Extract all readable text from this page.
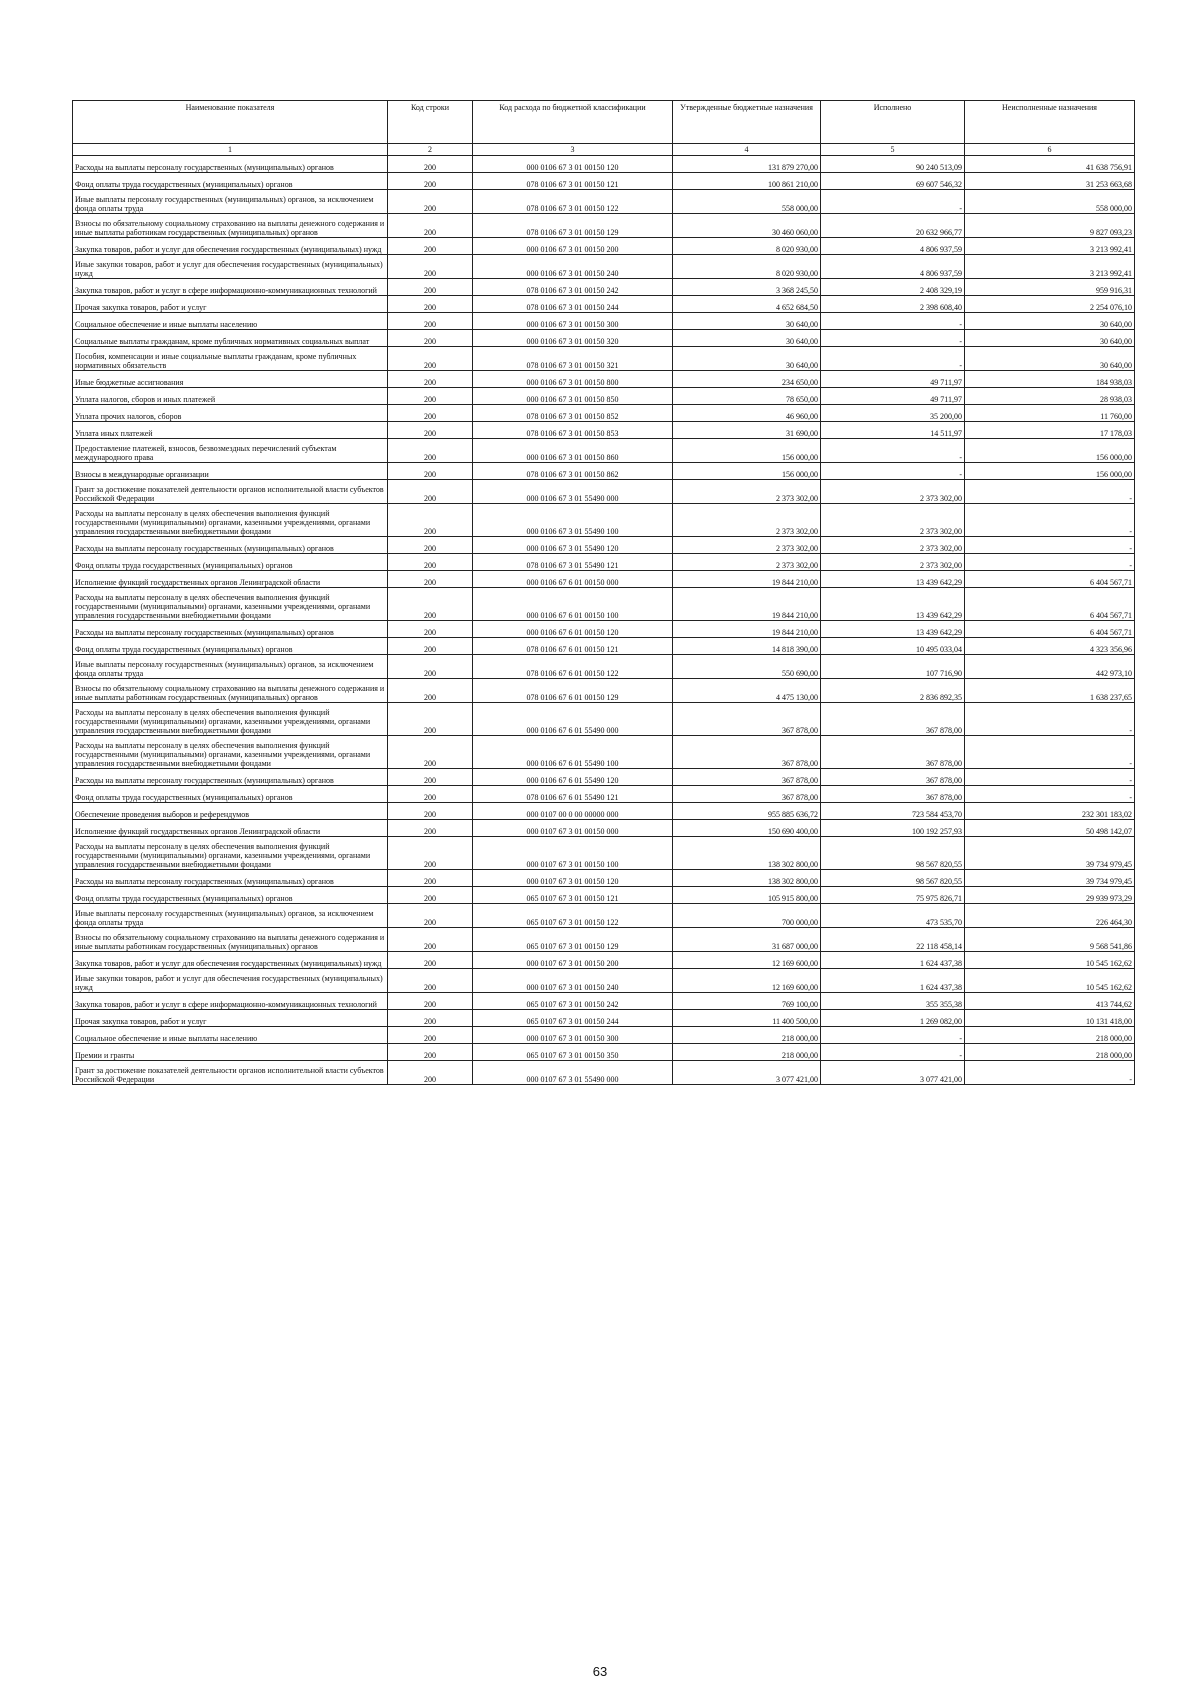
Наименование показателя	Код строки	Код расхода по бюджетной классификации	Утвержденные бюджетные назначения	Исполнено	Неисполненные назначения
1	2	3	4	5	6
Расходы на выплаты персоналу государственных (муниципальных) органов	200	000 0106 67 3 01 00150 120	131 879 270,00	90 240 513,09	41 638 756,91
Фонд оплаты труда государственных (муниципальных) органов	200	078 0106 67 3 01 00150 121	100 861 210,00	69 607 546,32	31 253 663,68
Иные выплаты персоналу государственных (муниципальных) органов, за исключением фонда оплаты труда	200	078 0106 67 3 01 00150 122	558 000,00	-	558 000,00
Взносы по обязательному социальному страхованию на выплаты денежного содержания и иные выплаты работникам государственных (муниципальных) органов	200	078 0106 67 3 01 00150 129	30 460 060,00	20 632 966,77	9 827 093,23
Закупка товаров, работ и услуг для обеспечения государственных (муниципальных) нужд	200	000 0106 67 3 01 00150 200	8 020 930,00	4 806 937,59	3 213 992,41
Иные закупки товаров, работ и услуг для обеспечения государственных (муниципальных) нужд	200	000 0106 67 3 01 00150 240	8 020 930,00	4 806 937,59	3 213 992,41
Закупка товаров, работ и услуг в сфере информационно-коммуникационных технологий	200	078 0106 67 3 01 00150 242	3 368 245,50	2 408 329,19	959 916,31
Прочая закупка товаров, работ и услуг	200	078 0106 67 3 01 00150 244	4 652 684,50	2 398 608,40	2 254 076,10
Социальное обеспечение и иные выплаты населению	200	000 0106 67 3 01 00150 300	30 640,00	-	30 640,00
Социальные выплаты гражданам, кроме публичных нормативных социальных выплат	200	000 0106 67 3 01 00150 320	30 640,00	-	30 640,00
Пособия, компенсации и иные социальные выплаты гражданам, кроме публичных нормативных обязательств	200	078 0106 67 3 01 00150 321	30 640,00	-	30 640,00
Иные бюджетные ассигнования	200	000 0106 67 3 01 00150 800	234 650,00	49 711,97	184 938,03
Уплата налогов, сборов и иных платежей	200	000 0106 67 3 01 00150 850	78 650,00	49 711,97	28 938,03
Уплата прочих налогов, сборов	200	078 0106 67 3 01 00150 852	46 960,00	35 200,00	11 760,00
Уплата иных платежей	200	078 0106 67 3 01 00150 853	31 690,00	14 511,97	17 178,03
Предоставление платежей, взносов, безвозмездных перечислений субъектам международного права	200	000 0106 67 3 01 00150 860	156 000,00	-	156 000,00
Взносы в международные организации	200	078 0106 67 3 01 00150 862	156 000,00	-	156 000,00
Грант за достижение показателей деятельности органов исполнительной власти субъектов Российской Федерации	200	000 0106 67 3 01 55490 000	2 373 302,00	2 373 302,00	-
Расходы на выплаты персоналу в целях обеспечения выполнения функций государственными (муниципальными) органами, казенными учреждениями, органами управления государственными внебюджетными фондами	200	000 0106 67 3 01 55490 100	2 373 302,00	2 373 302,00	-
Расходы на выплаты персоналу государственных (муниципальных) органов	200	000 0106 67 3 01 55490 120	2 373 302,00	2 373 302,00	-
Фонд оплаты труда государственных (муниципальных) органов	200	078 0106 67 3 01 55490 121	2 373 302,00	2 373 302,00	-
Исполнение функций государственных органов Ленинградской области	200	000 0106 67 6 01 00150 000	19 844 210,00	13 439 642,29	6 404 567,71
Расходы на выплаты персоналу в целях обеспечения выполнения функций государственными (муниципальными) органами, казенными учреждениями, органами управления государственными внебюджетными фондами	200	000 0106 67 6 01 00150 100	19 844 210,00	13 439 642,29	6 404 567,71
Расходы на выплаты персоналу государственных (муниципальных) органов	200	000 0106 67 6 01 00150 120	19 844 210,00	13 439 642,29	6 404 567,71
Фонд оплаты труда государственных (муниципальных) органов	200	078 0106 67 6 01 00150 121	14 818 390,00	10 495 033,04	4 323 356,96
Иные выплаты персоналу государственных (муниципальных) органов, за исключением фонда оплаты труда	200	078 0106 67 6 01 00150 122	550 690,00	107 716,90	442 973,10
Взносы по обязательному социальному страхованию на выплаты денежного содержания и иные выплаты работникам государственных (муниципальных) органов	200	078 0106 67 6 01 00150 129	4 475 130,00	2 836 892,35	1 638 237,65
Расходы на выплаты персоналу в целях обеспечения выполнения функций государственными (муниципальными) органами, казенными учреждениями, органами управления государственными внебюджетными фондами	200	000 0106 67 6 01 55490 000	367 878,00	367 878,00	-
Расходы на выплаты персоналу в целях обеспечения выполнения функций государственными (муниципальными) органами, казенными учреждениями, органами управления государственными внебюджетными фондами	200	000 0106 67 6 01 55490 100	367 878,00	367 878,00	-
Расходы на выплаты персоналу государственных (муниципальных) органов	200	000 0106 67 6 01 55490 120	367 878,00	367 878,00	-
Фонд оплаты труда государственных (муниципальных) органов	200	078 0106 67 6 01 55490 121	367 878,00	367 878,00	-
Обеспечение проведения выборов и референдумов	200	000 0107 00 0 00 00000 000	955 885 636,72	723 584 453,70	232 301 183,02
Исполнение функций государственных органов Ленинградской области	200	000 0107 67 3 01 00150 000	150 690 400,00	100 192 257,93	50 498 142,07
Расходы на выплаты персоналу в целях обеспечения выполнения функций государственными (муниципальными) органами, казенными учреждениями, органами управления государственными внебюджетными фондами	200	000 0107 67 3 01 00150 100	138 302 800,00	98 567 820,55	39 734 979,45
Расходы на выплаты персоналу государственных (муниципальных) органов	200	000 0107 67 3 01 00150 120	138 302 800,00	98 567 820,55	39 734 979,45
Фонд оплаты труда государственных (муниципальных) органов	200	065 0107 67 3 01 00150 121	105 915 800,00	75 975 826,71	29 939 973,29
Иные выплаты персоналу государственных (муниципальных) органов, за исключением фонда оплаты труда	200	065 0107 67 3 01 00150 122	700 000,00	473 535,70	226 464,30
Взносы по обязательному социальному страхованию на выплаты денежного содержания и иные выплаты работникам государственных (муниципальных) органов	200	065 0107 67 3 01 00150 129	31 687 000,00	22 118 458,14	9 568 541,86
Закупка товаров, работ и услуг для обеспечения государственных (муниципальных) нужд	200	000 0107 67 3 01 00150 200	12 169 600,00	1 624 437,38	10 545 162,62
Иные закупки товаров, работ и услуг для обеспечения государственных (муниципальных) нужд	200	000 0107 67 3 01 00150 240	12 169 600,00	1 624 437,38	10 545 162,62
Закупка товаров, работ и услуг в сфере информационно-коммуникационных технологий	200	065 0107 67 3 01 00150 242	769 100,00	355 355,38	413 744,62
Прочая закупка товаров, работ и услуг	200	065 0107 67 3 01 00150 244	11 400 500,00	1 269 082,00	10 131 418,00
Социальное обеспечение и иные выплаты населению	200	000 0107 67 3 01 00150 300	218 000,00	-	218 000,00
Премии и гранты	200	065 0107 67 3 01 00150 350	218 000,00	-	218 000,00
Грант за достижение показателей деятельности органов исполнительной власти субъектов Российской Федерации	200	000 0107 67 3 01 55490 000	3 077 421,00	3 077 421,00	-
63
